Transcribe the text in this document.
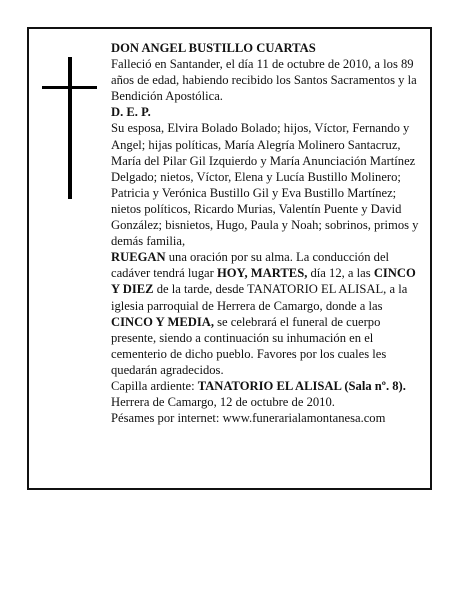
DON ANGEL BUSTILLO CUARTAS

Falleció en Santander, el día 11 de octubre de 2010, a los 89 años de edad, habiendo recibido los Santos Sacramentos y la Bendición Apostólica.

D. E. P.

Su esposa, Elvira Bolado Bolado; hijos, Víctor, Fernando y Angel; hijas políticas, María Alegría Molinero Santacruz, María del Pilar Gil Izquierdo y María Anunciación Martínez Delgado; nietos, Víctor, Elena y Lucía Bustillo Molinero; Patricia y Verónica Bustillo Gil y Eva Bustillo Martínez; nietos políticos, Ricardo Murias, Valentín Puente y David González; bisnietos, Hugo, Paula y Noah; sobrinos, primos y demás familia,

RUEGAN una oración por su alma. La conducción del cadáver tendrá lugar HOY, MARTES, día 12, a las CINCO Y DIEZ de la tarde, desde TANATORIO EL ALISAL, a la iglesia parroquial de Herrera de Camargo, donde a las CINCO Y MEDIA, se celebrará el funeral de cuerpo presente, siendo a continuación su inhumación en el cementerio de dicho pueblo. Favores por los cuales les quedarán agradecidos.

Capilla ardiente: TANATORIO EL ALISAL (Sala nº. 8).

Herrera de Camargo, 12 de octubre de 2010.

Pésames por internet: www.funerarialamontanesa.com
